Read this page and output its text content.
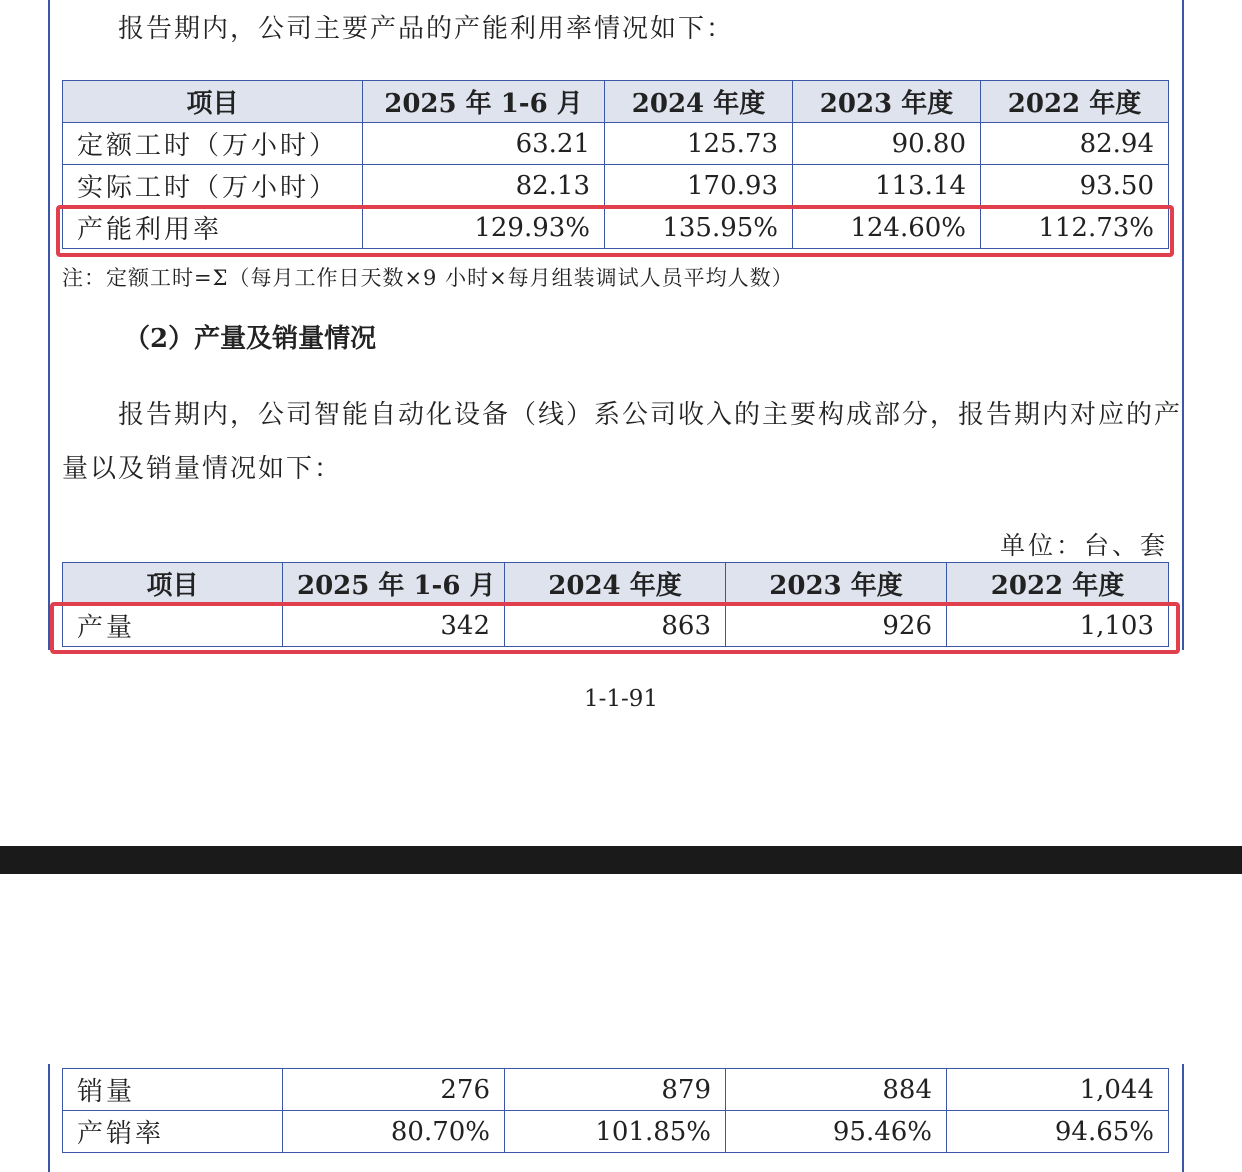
报告期内，公司主要产品的产能利用率情况如下：
项目	2025 年 1-6 月	2024 年度	2023 年度	2022 年度
定额工时（万小时）	63.21	125.73	90.80	82.94
实际工时（万小时）	82.13	170.93	113.14	93.50
产能利用率	129.93%	135.95%	124.60%	112.73%
注：定额工时=Σ（每月工作日天数×9 小时×每月组装调试人员平均人数）
（2）产量及销量情况
报告期内，公司智能自动化设备（线）系公司收入的主要构成部分，报告期内对应的产
量以及销量情况如下：
单位：台、套
项目	2025 年 1-6 月	2024 年度	2023 年度	2022 年度
产量	342	863	926	1,103
1-1-91
销量	276	879	884	1,044
产销率	80.70%	101.85%	95.46%	94.65%
